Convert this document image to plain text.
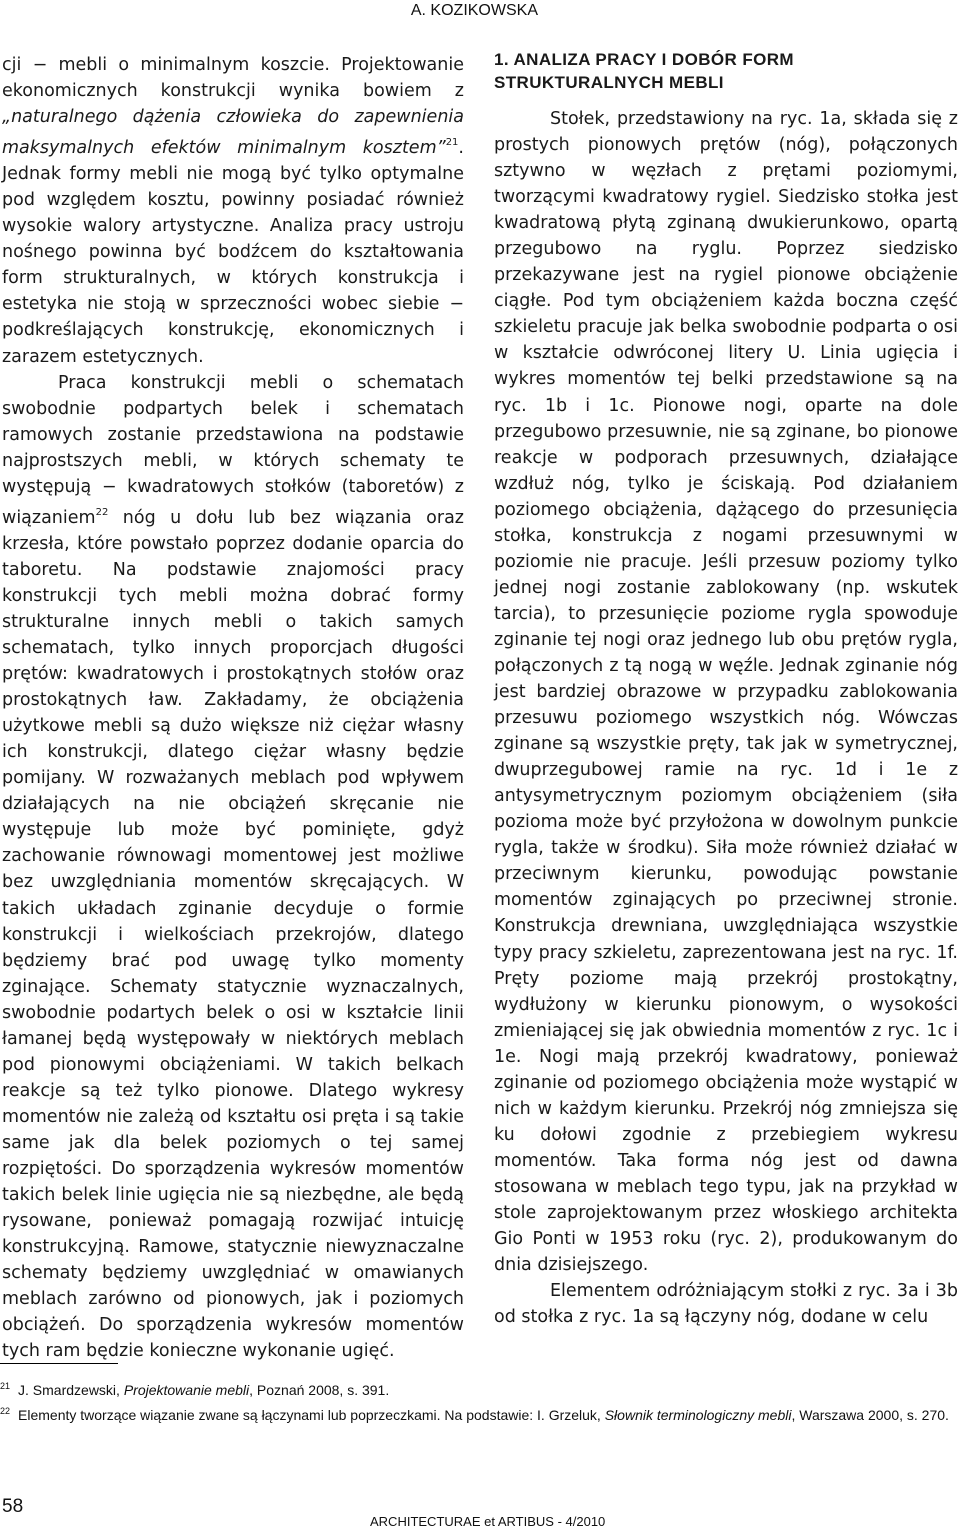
A. KOZIKOWSKA

cji − mebli o minimalnym koszcie. Projektowanie ekonomicznych konstrukcji wynika bowiem z „naturalnego dążenia człowieka do zapewnienia maksymalnych efektów minimalnym kosztem”$^{21}$. Jednak formy mebli nie mogą być tylko optymalne pod względem kosztu, powinny posiadać również wysokie walory artystyczne. Analiza pracy ustroju nośnego powinna być bodźcem do kształtowania form strukturalnych, w których konstrukcja i estetyka nie stoją w sprzeczności wobec siebie − podkreślających konstrukcję, ekonomicznych i zarazem estetycznych.

Praca konstrukcji mebli o schematach swobodnie podpartych belek i schematach ramowych zostanie przedstawiona na podstawie najprostszych mebli, w których schematy te występują − kwadratowych stołków (taboretów) z wiązaniem$^{22}$ nóg u dołu lub bez wiązania oraz krzesła, które powstało poprzez dodanie oparcia do taboretu. Na podstawie znajomości pracy konstrukcji tych mebli można dobrać formy strukturalne innych mebli o takich samych schematach, tylko innych proporcjach długości prętów: kwadratowych i prostokątnych stołów oraz prostokątnych ław. Zakładamy, że obciążenia użytkowe mebli są dużo większe niż ciężar własny ich konstrukcji, dlatego ciężar własny będzie pomijany. W rozważanych meblach pod wpływem działających na nie obciążeń skręcanie nie występuje lub może być pominięte, gdyż zachowanie równowagi momentowej jest możliwe bez uwzględniania momentów skręcających. W takich układach zginanie decyduje o formie konstrukcji i wielkościach przekrojów, dlatego będziemy brać pod uwagę tylko momenty zginające. Schematy statycznie wyznaczalnych, swobodnie podartych belek o osi w kształcie linii łamanej będą występowały w niektórych meblach pod pionowymi obciążeniami. W takich belkach reakcje są też tylko pionowe. Dlatego wykresy momentów nie zależą od kształtu osi pręta i są takie same jak dla belek poziomych o tej samej rozpiętości. Do sporządzenia wykresów momentów takich belek linie ugięcia nie są niezbędne, ale będą rysowane, ponieważ pomagają rozwijać intuicję konstrukcyjną. Ramowe, statycznie niewyznaczalne schematy będziemy uwzględniać w omawianych meblach zarówno od pionowych, jak i poziomych obciążeń. Do sporządzenia wykresów momentów tych ram będzie konieczne wykonanie ugięć.

1. ANALIZA PRACY I DOBÓR FORM STRUKTURALNYCH MEBLI

Stołek, przedstawiony na ryc. 1a, składa się z prostych pionowych prętów (nóg), połączonych sztywno w węzłach z prętami poziomymi, tworzącymi kwadratowy rygiel. Siedzisko stołka jest kwadratową płytą zginaną dwukierunkowo, opartą przegubowo na ryglu. Poprzez siedzisko przekazywane jest na rygiel pionowe obciążenie ciągłe. Pod tym obciążeniem każda boczna część szkieletu pracuje jak belka swobodnie podparta o osi w kształcie odwróconej litery U. Linia ugięcia i wykres momentów tej belki przedstawione są na ryc. 1b i 1c. Pionowe nogi, oparte na dole przegubowo przesuwnie, nie są zginane, bo pionowe reakcje w podporach przesuwnych, działające wzdłuż nóg, tylko je ściskają. Pod działaniem poziomego obciążenia, dążącego do przesunięcia stołka, konstrukcja z nogami przesuwnymi w poziomie nie pracuje. Jeśli przesuw poziomy tylko jednej nogi zostanie zablokowany (np. wskutek tarcia), to przesunięcie poziome rygla spowoduje zginanie tej nogi oraz jednego lub obu prętów rygla, połączonych z tą nogą w węźle. Jednak zginanie nóg jest bardziej obrazowe w przypadku zablokowania przesuwu poziomego wszystkich nóg. Wówczas zginane są wszystkie pręty, tak jak w symetrycznej, dwuprzegubowej ramie na ryc. 1d i 1e z antysymetrycznym poziomym obciążeniem (siła pozioma może być przyłożona w dowolnym punkcie rygla, także w środku). Siła może również działać w przeciwnym kierunku, powodując powstanie momentów zginających po przeciwnej stronie. Konstrukcja drewniana, uwzględniająca wszystkie typy pracy szkieletu, zaprezentowana jest na ryc. 1f. Pręty poziome mają przekrój prostokątny, wydłużony w kierunku pionowym, o wysokości zmieniającej się jak obwiednia momentów z ryc. 1c i 1e. Nogi mają przekrój kwadratowy, ponieważ zginanie od poziomego obciążenia może wystąpić w nich w każdym kierunku. Przekrój nóg zmniejsza się ku dołowi zgodnie z przebiegiem wykresu momentów. Taka forma nóg jest od dawna stosowana w meblach tego typu, jak na przykład w stole zaprojektowanym przez włoskiego architekta Gio Ponti w 1953 roku (ryc. 2), produkowanym do dnia dzisiejszego.

Elementem odróżniającym stołki z ryc. 3a i 3b od stołka z ryc. 1a są łączyny nóg, dodane w celu

$^{21}$ J. Smardzewski, Projektowanie mebli, Poznań 2008, s. 391.

$^{22}$ Elementy tworzące wiązanie zwane są łączynami lub poprzeczkami. Na podstawie: I. Grzeluk, Słownik terminologiczny mebli, Warszawa 2000, s. 270.

58
ARCHITECTURAE et ARTIBUS - 4/2010
